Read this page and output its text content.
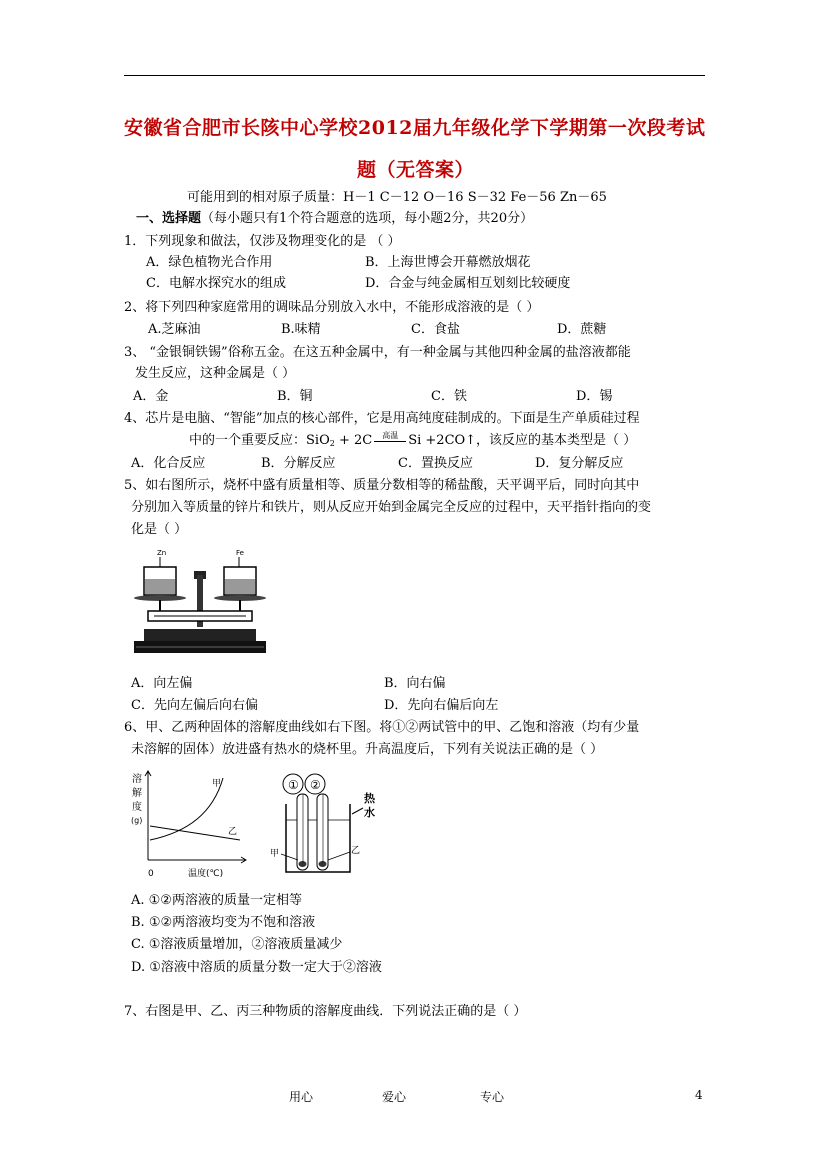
安徽省合肥市长陔中心学校2012届九年级化学下学期第一次段考试
题（无答案）
可能用到的相对原子质量：H－1 C－12 O－16 S－32 Fe－56 Zn－65
一、选择题（每小题只有1个符合题意的选项，每小题2分，共20分）
1．下列现象和做法，仅涉及物理变化的是 （ ）
A．绿色植物光合作用	B．上海世博会开幕燃放烟花
C．电解水探究水的组成	D．合金与纯金属相互划刻比较硬度
2、将下列四种家庭常用的调味品分别放入水中，不能形成溶液的是（ ）
A.芝麻油	B.味精	C．食盐	D．蔗糖
3、 “金银铜铁锡”俗称五金。在这五种金属中，有一种金属与其他四种金属的盐溶液都能
发生反应，这种金属是（ ）
A．金	B．铜	C．铁	D．锡
4、芯片是电脑、“智能”加点的核心部件，它是用高纯度硅制成的。下面是生产单质硅过程
中的一个重要反应：SiO$_2$ + 2C	高温 Si +2CO↑，该反应的基本类型是（ ）
A．化合反应	B．分解反应	C．置换反应	D．复分解反应
5、如右图所示，烧杯中盛有质量相等、质量分数相等的稀盐酸，天平调平后，同时向其中
分别加入等质量的锌片和铁片，则从反应开始到金属完全反应的过程中，天平指针指向的变
化是（ ）
Zn	Fe
A．向左偏	B．向右偏
C．先向左偏后向右偏	D．先向右偏后向左
6、甲、乙两种固体的溶解度曲线如右下图。将①②两试管中的甲、乙饱和溶液（均有少量
未溶解的固体）放进盛有热水的烧杯里。升高温度后，下列有关说法正确的是（ ）
溶
解
度
(g)
0	温度(℃)
甲
乙
① ②
热
水
甲	乙
A. ①②两溶液的质量一定相等
B. ①②两溶液均变为不饱和溶液
C. ①溶液质量增加，②溶液质量减少
D. ①溶液中溶质的质量分数一定大于②溶液
7、右图是甲、乙、丙三种物质的溶解度曲线．下列说法正确的是（ ）
用心	爱心	专心	4
